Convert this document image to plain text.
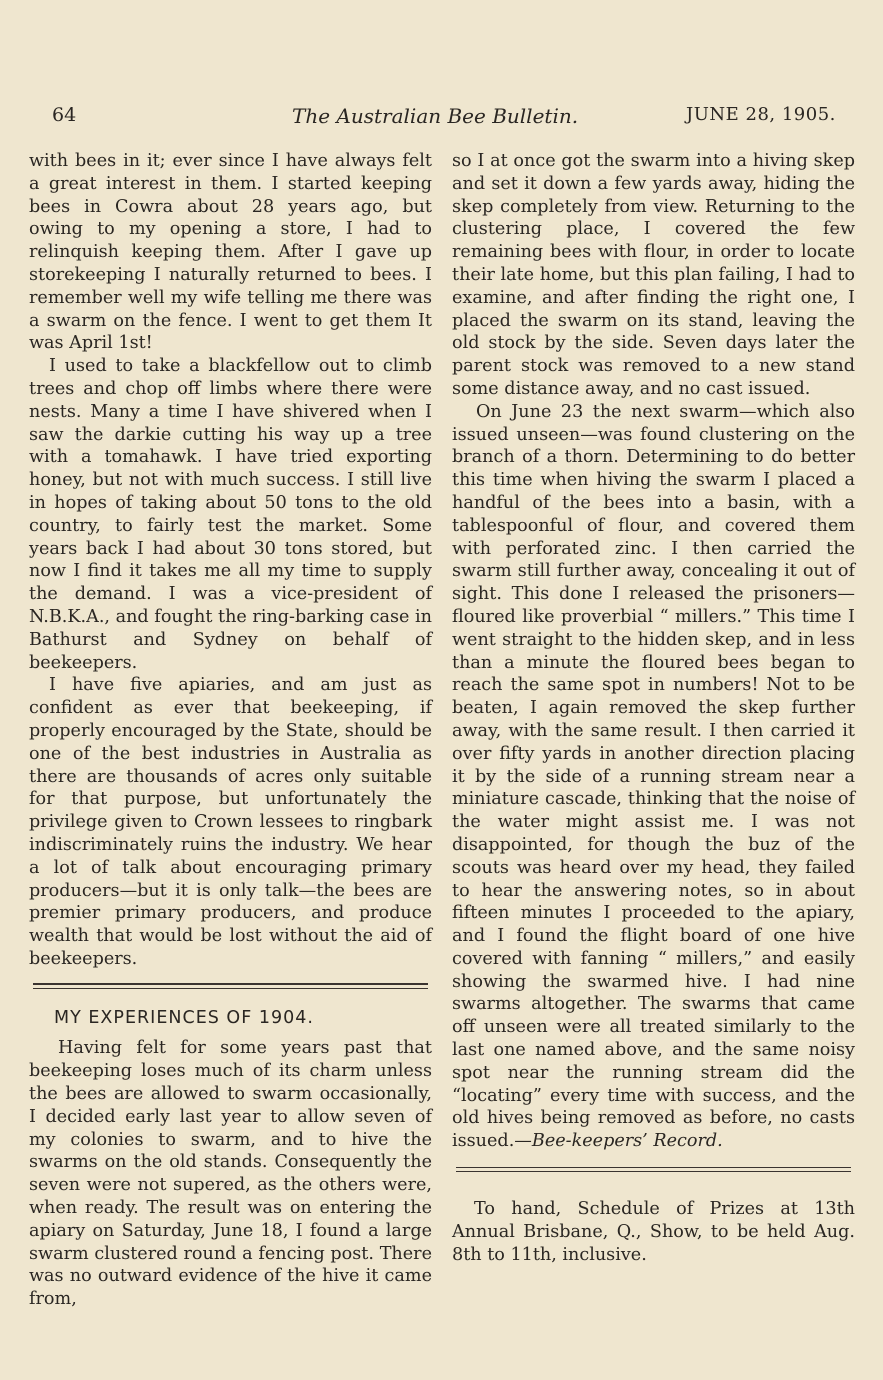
64	The Australian Bee Bulletin.	JUNE 28, 1905.

with bees in it; ever since I have always felt a great interest in them. I started keeping bees in Cowra about 28 years ago, but owing to my opening a store, I had to relinquish keeping them. After I gave up storekeeping I naturally returned to bees. I remember well my wife telling me there was a swarm on the fence. I went to get them It was April 1st!

I used to take a blackfellow out to climb trees and chop off limbs where there were nests. Many a time I have shivered when I saw the darkie cutting his way up a tree with a tomahawk. I have tried exporting honey, but not with much success. I still live in hopes of taking about 50 tons to the old country, to fairly test the market. Some years back I had about 30 tons stored, but now I find it takes me all my time to supply the demand. I was a vice-president of N.B.K.A., and fought the ring-barking case in Bathurst and Sydney on behalf of beekeepers.

I have five apiaries, and am just as confident as ever that beekeeping, if properly encouraged by the State, should be one of the best industries in Australia as there are thousands of acres only suitable for that purpose, but unfortunately the privilege given to Crown lessees to ringbark indiscriminately ruins the industry. We hear a lot of talk about encouraging primary producers—but it is only talk—the bees are premier primary producers, and produce wealth that would be lost without the aid of beekeepers.

MY EXPERIENCES OF 1904.

Having felt for some years past that beekeeping loses much of its charm unless the bees are allowed to swarm occasionally, I decided early last year to allow seven of my colonies to swarm, and to hive the swarms on the old stands. Consequently the seven were not supered, as the others were, when ready. The result was on entering the apiary on Saturday, June 18, I found a large swarm clustered round a fencing post. There was no outward evidence of the hive it came from,

so I at once got the swarm into a hiving skep and set it down a few yards away, hiding the skep completely from view. Returning to the clustering place, I covered the few remaining bees with flour, in order to locate their late home, but this plan failing, I had to examine, and after finding the right one, I placed the swarm on its stand, leaving the old stock by the side. Seven days later the parent stock was removed to a new stand some distance away, and no cast issued.

On June 23 the next swarm—which also issued unseen—was found clustering on the branch of a thorn. Determining to do better this time when hiving the swarm I placed a handful of the bees into a basin, with a tablespoonful of flour, and covered them with perforated zinc. I then carried the swarm still further away, concealing it out of sight. This done I released the prisoners—floured like proverbial “ millers.” This time I went straight to the hidden skep, and in less than a minute the floured bees began to reach the same spot in numbers! Not to be beaten, I again removed the skep further away, with the same result. I then carried it over fifty yards in another direction placing it by the side of a running stream near a miniature cascade, thinking that the noise of the water might assist me. I was not disappointed, for though the buz of the scouts was heard over my head, they failed to hear the answering notes, so in about fifteen minutes I proceeded to the apiary, and I found the flight board of one hive covered with fanning “ millers,” and easily showing the swarmed hive. I had nine swarms altogether. The swarms that came off unseen were all treated similarly to the last one named above, and the same noisy spot near the running stream did the “locating” every time with success, and the old hives being removed as before, no casts issued.—Bee-keepers’ Record.

To hand, Schedule of Prizes at 13th Annual Brisbane, Q., Show, to be held Aug. 8th to 11th, inclusive.
